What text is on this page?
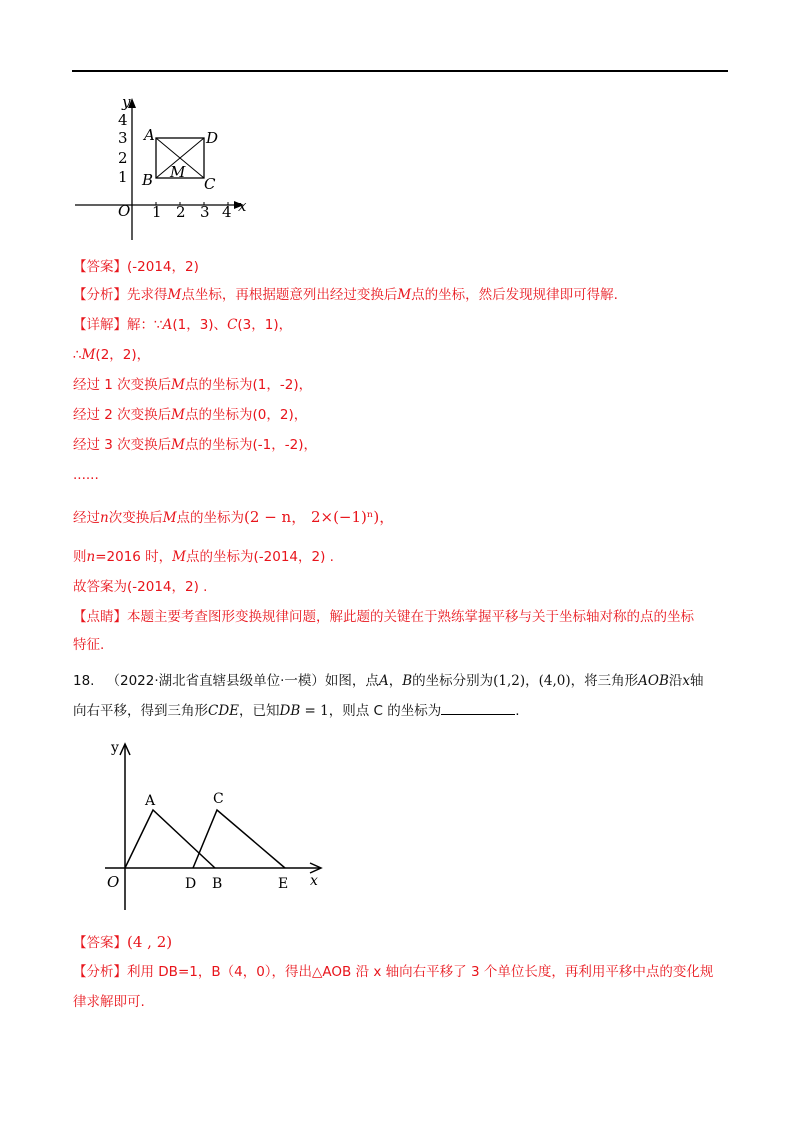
y
x
O
4
3
2
1
1 2 3 4
A	D
B	C
M
【答案】(-2014，2)
【分析】先求得M点坐标，再根据题意列出经过变换后M点的坐标，然后发现规律即可得解.
【详解】解：∵A(1，3)、C(3，1)，
∴M(2，2)，
经过 1 次变换后M点的坐标为(1，-2)，
经过 2 次变换后M点的坐标为(0，2)，
经过 3 次变换后M点的坐标为(-1，-2)，
......
经过n次变换后M点的坐标为(2 − n， 2×(−1)ⁿ)，
则n=2016 时，M点的坐标为(-2014，2) .
故答案为(-2014，2) .
【点睛】本题主要考查图形变换规律问题，解此题的关键在于熟练掌握平移与关于坐标轴对称的点的坐标
特征.
18. （2022·湖北省直辖县级单位·一模）如图，点A，B的坐标分别为(1,2)，(4,0)，将三角形AOB沿x轴
向右平移，得到三角形CDE，已知DB = 1，则点 C 的坐标为	.
y
x
O
A	C
D B	E
【答案】(4 , 2)
【分析】利用 DB=1，B（4，0），得出△AOB 沿 x 轴向右平移了 3 个单位长度，再利用平移中点的变化规
律求解即可.
